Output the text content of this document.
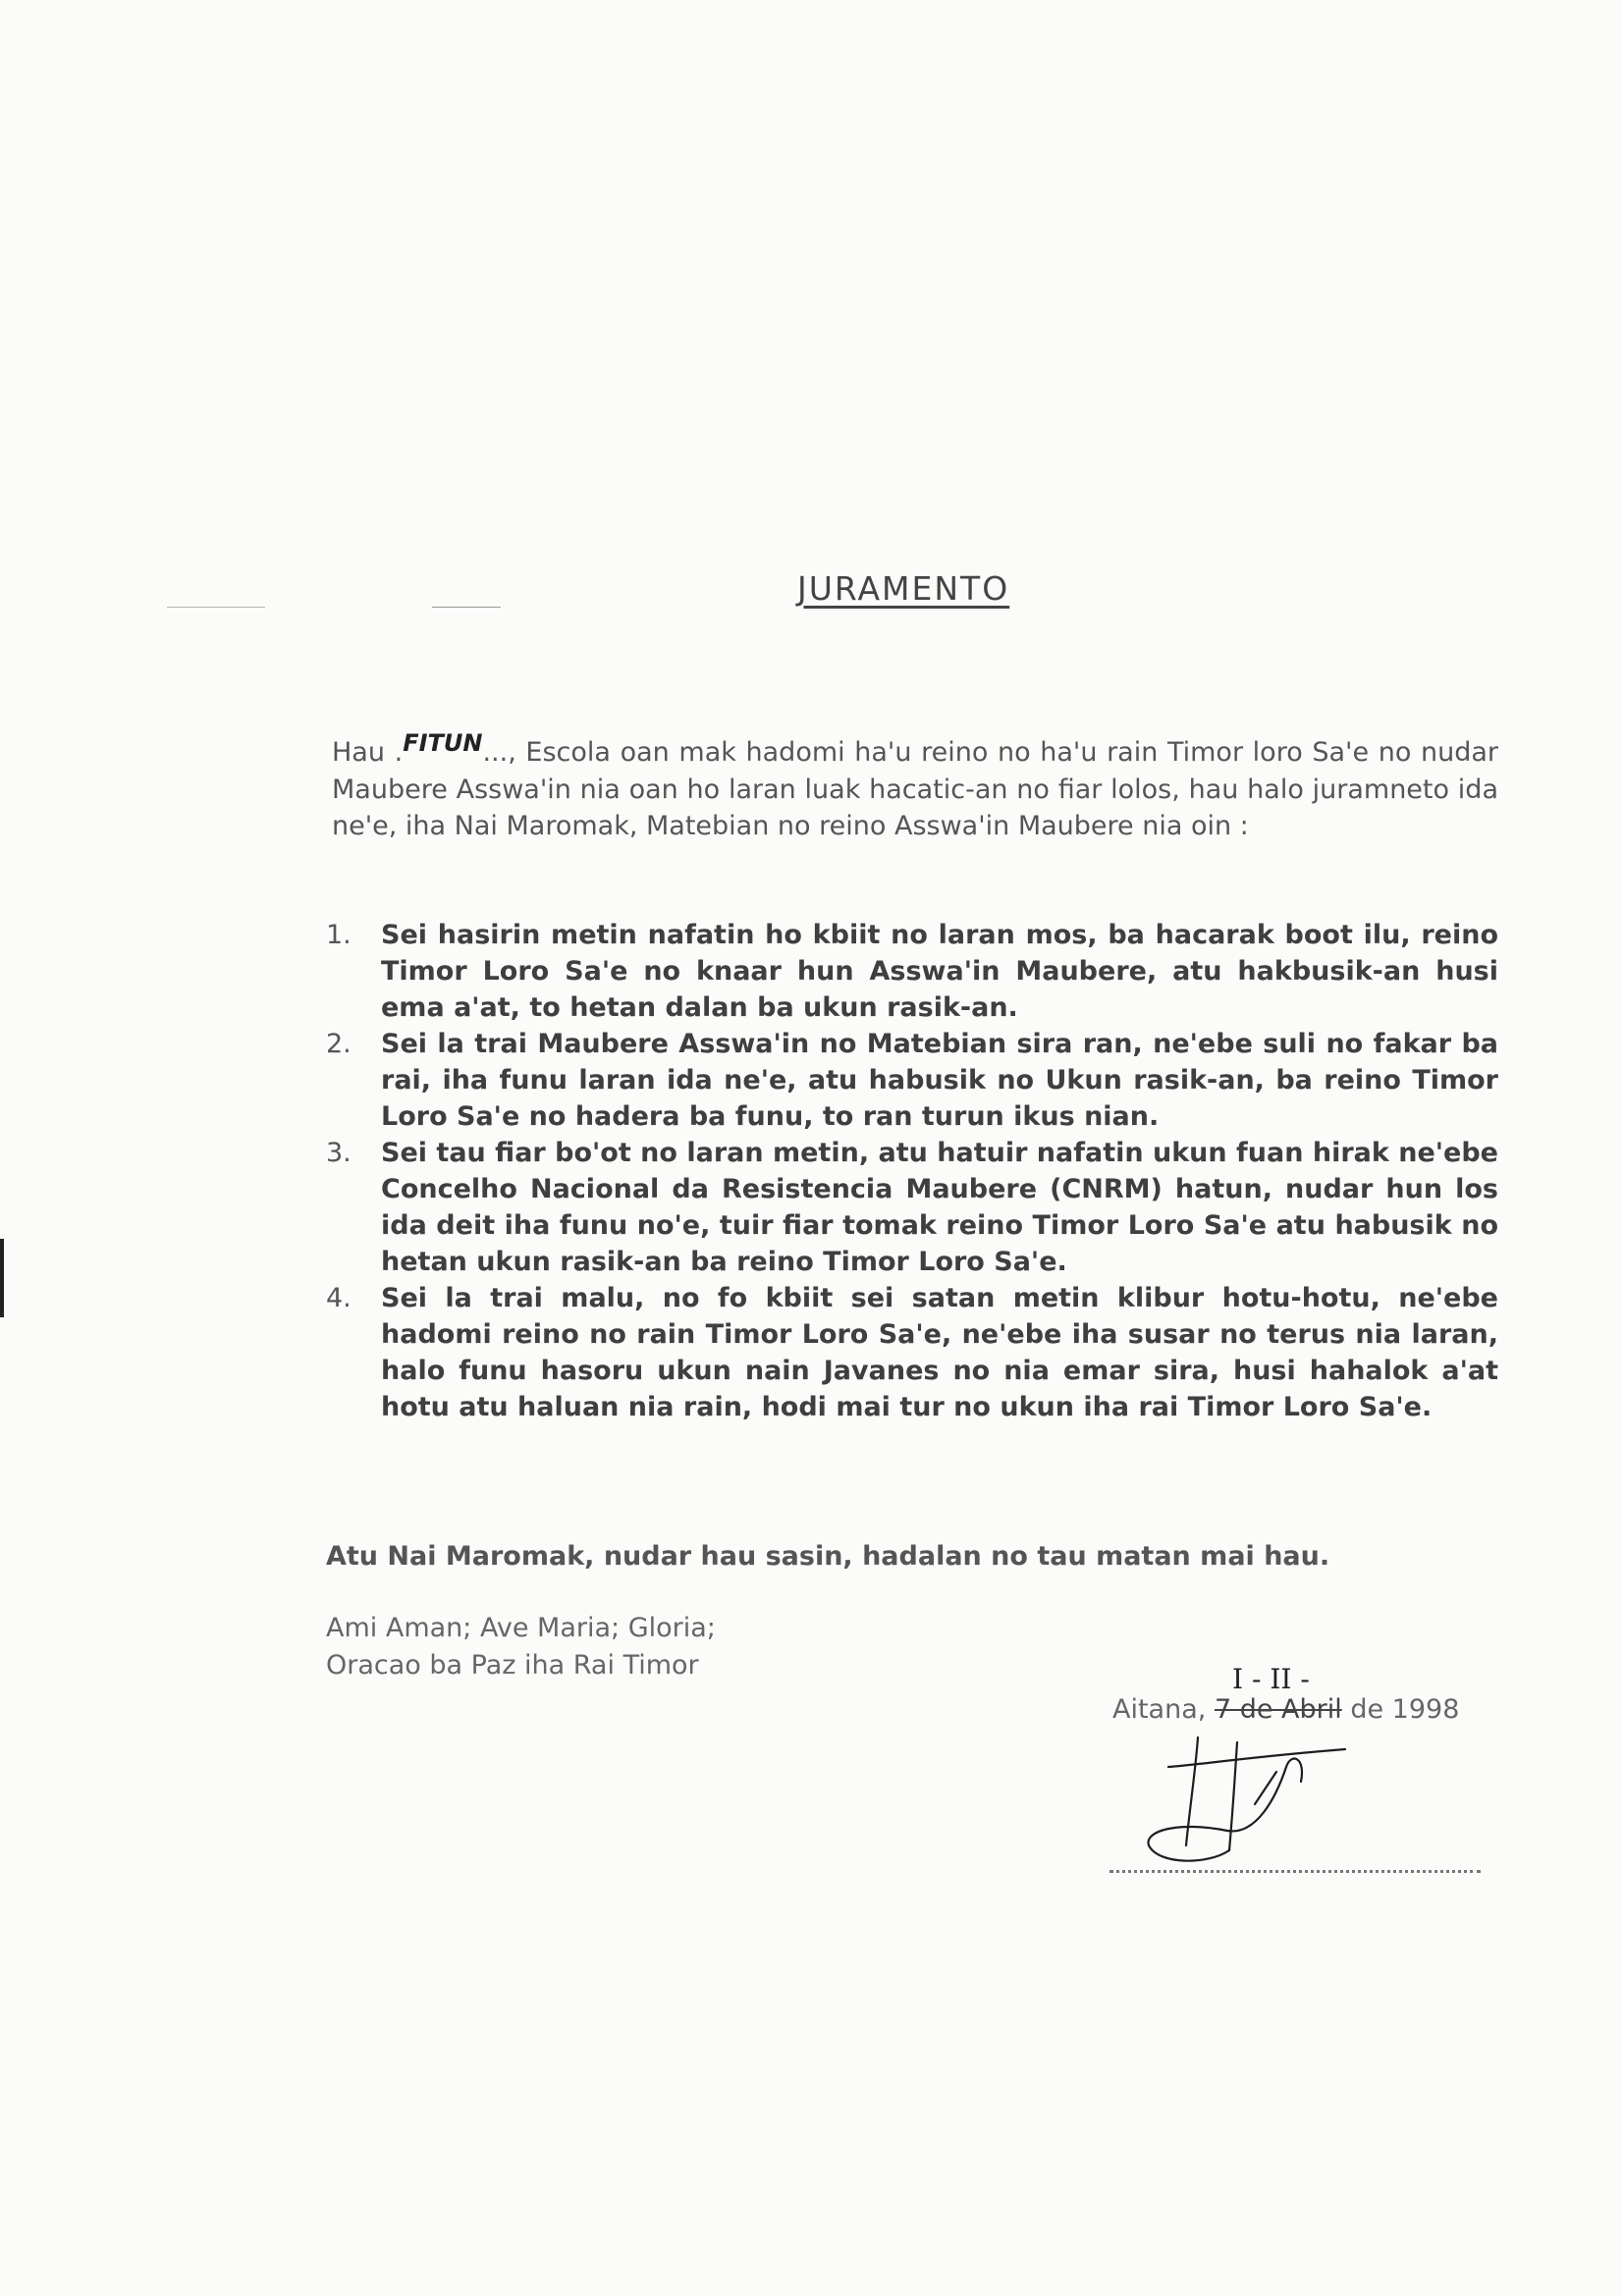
JURAMENTO
Hau .FITUN..., Escola oan mak hadomi ha'u reino no ha'u rain Timor loro Sa'e no nudar Maubere Asswa'in nia oan ho laran luak hacatic-an no fiar lolos, hau halo juramneto ida ne'e, iha Nai Maromak, Matebian no reino Asswa'in Maubere nia oin :
1.	Sei hasirin metin nafatin ho kbiit no laran mos, ba hacarak boot ilu, reino Timor Loro Sa'e no knaar hun Asswa'in Maubere, atu hakbusik-an husi ema a'at, to hetan dalan ba ukun rasik-an.
2.	Sei la trai Maubere Asswa'in no Matebian sira ran, ne'ebe suli no fakar ba rai, iha funu laran ida ne'e, atu habusik no Ukun rasik-an, ba reino Timor Loro Sa'e no hadera ba funu, to ran turun ikus nian.
3.	Sei tau fiar bo'ot no laran metin, atu hatuir nafatin ukun fuan hirak ne'ebe Concelho Nacional da Resistencia Maubere (CNRM) hatun, nudar hun los ida deit iha funu no'e, tuir fiar tomak reino Timor Loro Sa'e atu habusik no hetan ukun rasik-an ba reino Timor Loro Sa'e.
4.	Sei la trai malu, no fo kbiit sei satan metin klibur hotu-hotu, ne'ebe hadomi reino no rain Timor Loro Sa'e, ne'ebe iha susar no terus nia laran, halo funu hasoru ukun nain Javanes no nia emar sira, husi hahalok a'at hotu atu haluan nia rain, hodi mai tur no ukun iha rai Timor Loro Sa'e.
Atu Nai Maromak, nudar hau sasin, hadalan no tau matan mai hau.
Ami Aman; Ave Maria; Gloria;
Oracao ba Paz iha Rai Timor	I - II -
Aitana, 7 de Abril de 1998
